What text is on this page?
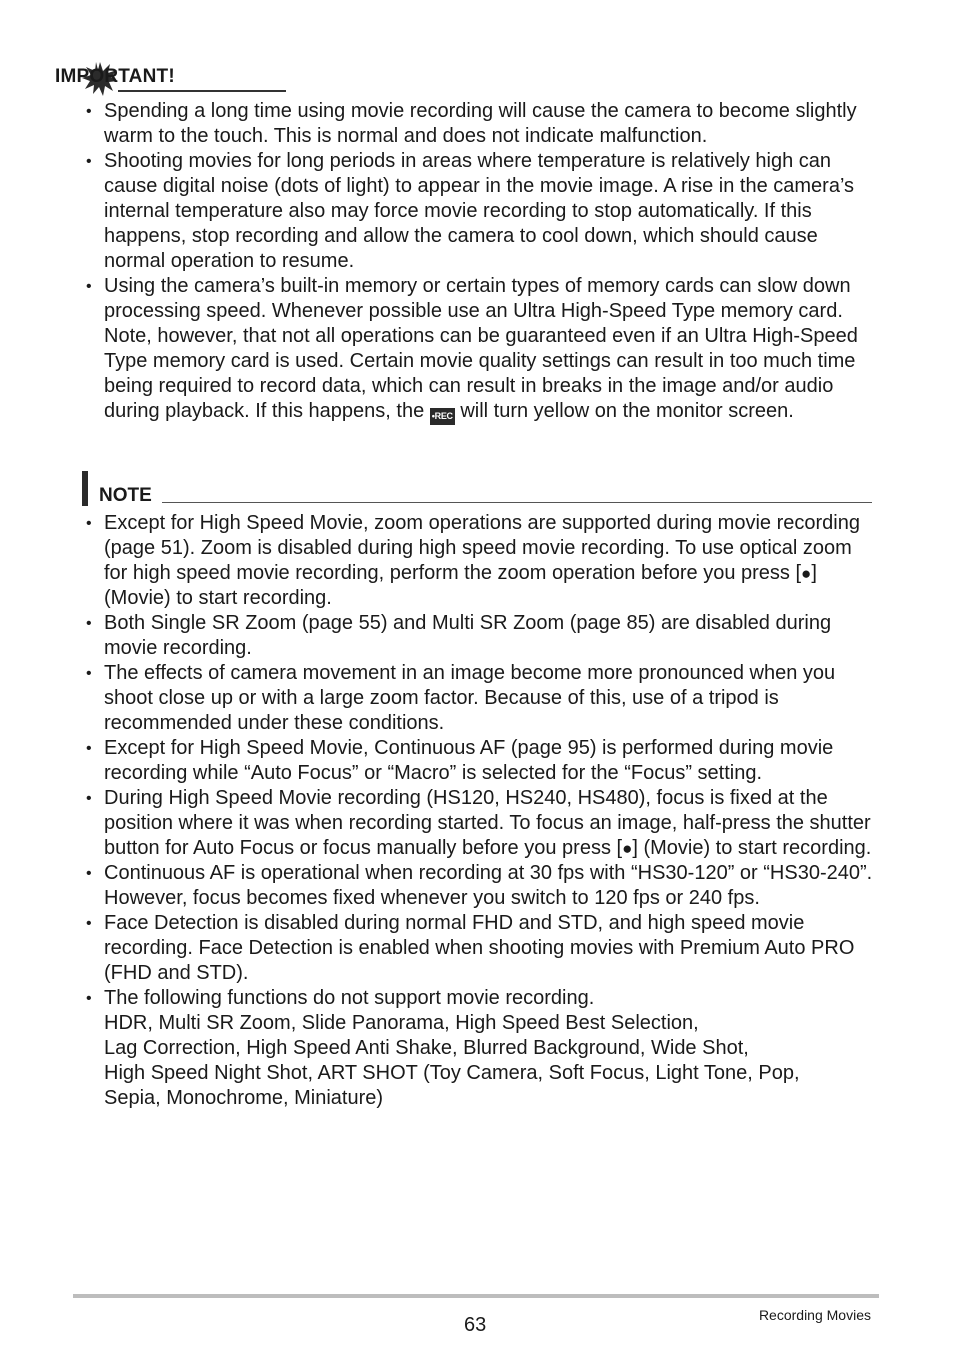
IMPORTANT!
• Spending a long time using movie recording will cause the camera to become slightly warm to the touch. This is normal and does not indicate malfunction.
• Shooting movies for long periods in areas where temperature is relatively high can cause digital noise (dots of light) to appear in the movie image. A rise in the camera’s internal temperature also may force movie recording to stop automatically. If this happens, stop recording and allow the camera to cool down, which should cause normal operation to resume.
• Using the camera’s built-in memory or certain types of memory cards can slow down processing speed. Whenever possible use an Ultra High-Speed Type memory card. Note, however, that not all operations can be guaranteed even if an Ultra High-Speed Type memory card is used. Certain movie quality settings can result in too much time being required to record data, which can result in breaks in the image and/or audio during playback. If this happens, the •REC will turn yellow on the monitor screen.
NOTE
• Except for High Speed Movie, zoom operations are supported during movie recording (page 51). Zoom is disabled during high speed movie recording. To use optical zoom for high speed movie recording, perform the zoom operation before you press [●] (Movie) to start recording.
• Both Single SR Zoom (page 55) and Multi SR Zoom (page 85) are disabled during movie recording.
• The effects of camera movement in an image become more pronounced when you shoot close up or with a large zoom factor. Because of this, use of a tripod is recommended under these conditions.
• Except for High Speed Movie, Continuous AF (page 95) is performed during movie recording while “Auto Focus” or “Macro” is selected for the “Focus” setting.
• During High Speed Movie recording (HS120, HS240, HS480), focus is fixed at the position where it was when recording started. To focus an image, half-press the shutter button for Auto Focus or focus manually before you press [●] (Movie) to start recording.
• Continuous AF is operational when recording at 30 fps with “HS30-120” or “HS30-240”. However, focus becomes fixed whenever you switch to 120 fps or 240 fps.
• Face Detection is disabled during normal FHD and STD, and high speed movie recording. Face Detection is enabled when shooting movies with Premium Auto PRO (FHD and STD).
• The following functions do not support movie recording.
HDR, Multi SR Zoom, Slide Panorama, High Speed Best Selection,
Lag Correction, High Speed Anti Shake, Blurred Background, Wide Shot,
High Speed Night Shot, ART SHOT (Toy Camera, Soft Focus, Light Tone, Pop,
Sepia, Monochrome, Miniature)
63	Recording Movies
